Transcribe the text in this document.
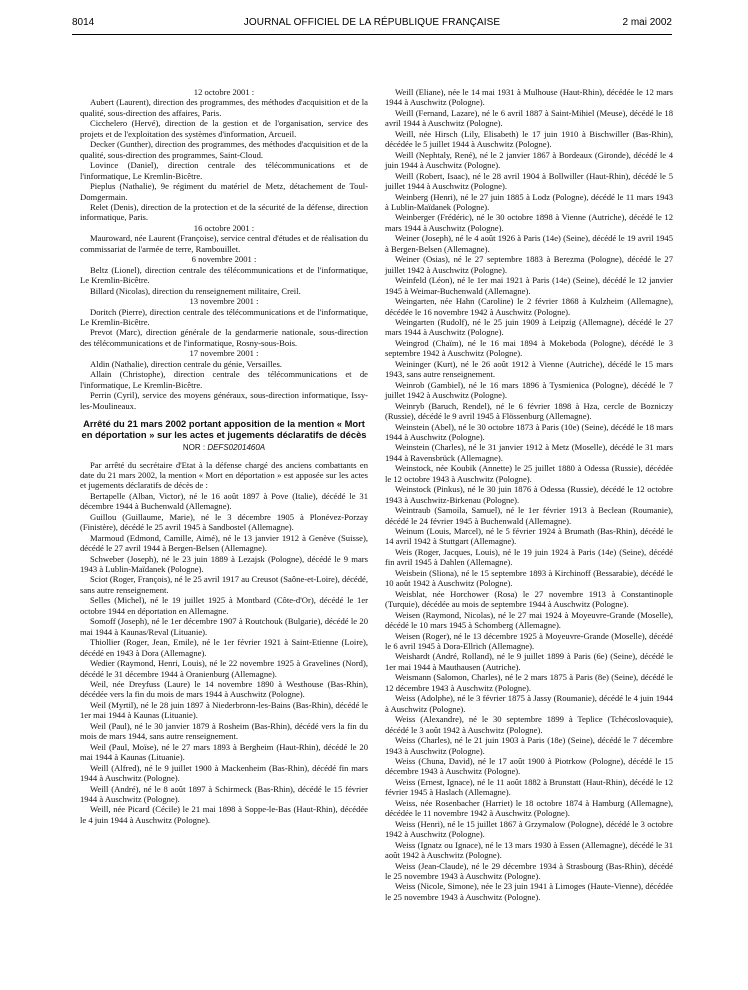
8014	JOURNAL OFFICIEL DE LA RÉPUBLIQUE FRANÇAISE	2 mai 2002

12 octobre 2001 :

Aubert (Laurent), direction des programmes, des méthodes d'acquisition et de la qualité, sous-direction des affaires, Paris.

Cicchelero (Hervé), direction de la gestion et de l'organisation, service des projets et de l'exploitation des systèmes d'information, Arcueil.

Decker (Gunther), direction des programmes, des méthodes d'acquisition et de la qualité, sous-direction des programmes, Saint-Cloud.

Lovince (Daniel), direction centrale des télécommunications et de l'informatique, Le Kremlin-Bicêtre.

Pieplus (Nathalie), 9e régiment du matériel de Metz, détachement de Toul-Domgermain.

Relet (Denis), direction de la protection et de la sécurité de la défense, direction informatique, Paris.

16 octobre 2001 :

Mauroward, née Laurent (Françoise), service central d'études et de réalisation du commissariat de l'armée de terre, Rambouillet.

6 novembre 2001 :

Beltz (Lionel), direction centrale des télécommunications et de l'informatique, Le Kremlin-Bicêtre.

Billard (Nicolas), direction du renseignement militaire, Creil.

13 novembre 2001 :

Doritch (Pierre), direction centrale des télécommunications et de l'informatique, Le Kremlin-Bicêtre.

Prevot (Marc), direction générale de la gendarmerie nationale, sous-direction des télécommunications et de l'informatique, Rosny-sous-Bois.

17 novembre 2001 :

Aldin (Nathalie), direction centrale du génie, Versailles.

Allain (Christophe), direction centrale des télécommunications et de l'informatique, Le Kremlin-Bicêtre.

Perrin (Cyril), service des moyens généraux, sous-direction informatique, Issy-les-Moulineaux.

Arrêté du 21 mars 2002 portant apposition de la mention « Mort en déportation » sur les actes et jugements déclaratifs de décès

NOR : DEFS0201460A

Par arrêté du secrétaire d'Etat à la défense chargé des anciens combattants en date du 21 mars 2002, la mention « Mort en déportation » est apposée sur les actes et jugements déclaratifs de décès de :

Bertapelle (Alban, Victor), né le 16 août 1897 à Pove (Italie), décédé le 31 décembre 1944 à Buchenwald (Allemagne).

Guillou (Guillaume, Marie), né le 3 décembre 1905 à Plonévez-Porzay (Finistère), décédé le 25 avril 1945 à Sandbostel (Allemagne).

Marmoud (Edmond, Camille, Aimé), né le 13 janvier 1912 à Genève (Suisse), décédé le 27 avril 1944 à Bergen-Belsen (Allemagne).

Schweber (Joseph), né le 23 juin 1889 à Lezajsk (Pologne), décédé le 9 mars 1943 à Lublin-Maïdanek (Pologne).

Sciot (Roger, François), né le 25 avril 1917 au Creusot (Saône-et-Loire), décédé, sans autre renseignement.

Selles (Michel), né le 19 juillet 1925 à Montbard (Côte-d'Or), décédé le 1er octobre 1944 en déportation en Allemagne.

Somoff (Joseph), né le 1er décembre 1907 à Routchouk (Bulgarie), décédé le 20 mai 1944 à Kaunas/Reval (Lituanie).

Thiollier (Roger, Jean, Emile), né le 1er février 1921 à Saint-Etienne (Loire), décédé en 1943 à Dora (Allemagne).

Wedier (Raymond, Henri, Louis), né le 22 novembre 1925 à Gravelines (Nord), décédé le 31 décembre 1944 à Oranienburg (Allemagne).

Weil, née Dreyfuss (Laure) le 14 novembre 1890 à Westhouse (Bas-Rhin), décédée vers la fin du mois de mars 1944 à Auschwitz (Pologne).

Weil (Myrtil), né le 28 juin 1897 à Niederbronn-les-Bains (Bas-Rhin), décédé le 1er mai 1944 à Kaunas (Lituanie).

Weil (Paul), né le 30 janvier 1879 à Rosheim (Bas-Rhin), décédé vers la fin du mois de mars 1944, sans autre renseignement.

Weil (Paul, Moïse), né le 27 mars 1893 à Bergheim (Haut-Rhin), décédé le 20 mai 1944 à Kaunas (Lituanie).

Weill (Alfred), né le 9 juillet 1900 à Mackenheim (Bas-Rhin), décédé fin mars 1944 à Auschwitz (Pologne).

Weill (André), né le 8 août 1897 à Schirmeck (Bas-Rhin), décédé le 15 février 1944 à Auschwitz (Pologne).

Weill, née Picard (Cécile) le 21 mai 1898 à Soppe-le-Bas (Haut-Rhin), décédée le 4 juin 1944 à Auschwitz (Pologne).

Weill (Eliane), née le 14 mai 1931 à Mulhouse (Haut-Rhin), décédée le 12 mars 1944 à Auschwitz (Pologne).

Weill (Fernand, Lazare), né le 6 avril 1887 à Saint-Mihiel (Meuse), décédé le 18 avril 1944 à Auschwitz (Pologne).

Weill, née Hirsch (Lily, Elisabeth) le 17 juin 1910 à Bischwiller (Bas-Rhin), décédée le 5 juillet 1944 à Auschwitz (Pologne).

Weill (Nephtaly, René), né le 2 janvier 1867 à Bordeaux (Gironde), décédé le 4 juin 1944 à Auschwitz (Pologne).

Weill (Robert, Isaac), né le 28 avril 1904 à Bollwiller (Haut-Rhin), décédé le 5 juillet 1944 à Auschwitz (Pologne).

Weinberg (Henri), né le 27 juin 1885 à Lodz (Pologne), décédé le 11 mars 1943 à Lublin-Maïdanek (Pologne).

Weinberger (Frédéric), né le 30 octobre 1898 à Vienne (Autriche), décédé le 12 mars 1944 à Auschwitz (Pologne).

Weiner (Joseph), né le 4 août 1926 à Paris (14e) (Seine), décédé le 19 avril 1945 à Bergen-Belsen (Allemagne).

Weiner (Osias), né le 27 septembre 1883 à Berezma (Pologne), décédé le 27 juillet 1942 à Auschwitz (Pologne).

Weinfeld (Léon), né le 1er mai 1921 à Paris (14e) (Seine), décédé le 12 janvier 1945 à Weimar-Buchenwald (Allemagne).

Weingarten, née Hahn (Caroline) le 2 février 1868 à Kulzheim (Allemagne), décédée le 16 novembre 1942 à Auschwitz (Pologne).

Weingarten (Rudolf), né le 25 juin 1909 à Leipzig (Allemagne), décédé le 27 mars 1944 à Auschwitz (Pologne).

Weingrod (Chaïm), né le 16 mai 1894 à Mokeboda (Pologne), décédé le 3 septembre 1942 à Auschwitz (Pologne).

Weininger (Kurt), né le 26 août 1912 à Vienne (Autriche), décédé le 15 mars 1943, sans autre renseignement.

Weinrob (Gambiel), né le 16 mars 1896 à Tysmienica (Pologne), décédé le 7 juillet 1942 à Auschwitz (Pologne).

Weinryb (Baruch, Rendel), né le 6 février 1898 à Hza, cercle de Bozniczy (Russie), décédé le 9 avril 1945 à Flössenburg (Allemagne).

Weinstein (Abel), né le 30 octobre 1873 à Paris (10e) (Seine), décédé le 18 mars 1944 à Auschwitz (Pologne).

Weinstein (Charles), né le 31 janvier 1912 à Metz (Moselle), décédé le 31 mars 1944 à Ravensbrück (Allemagne).

Weinstock, née Koubik (Annette) le 25 juillet 1880 à Odessa (Russie), décédée le 12 octobre 1943 à Auschwitz (Pologne).

Weinstock (Pinkus), né le 30 juin 1876 à Odessa (Russie), décédé le 12 octobre 1943 à Auschwitz-Birkenau (Pologne).

Weintraub (Samoila, Samuel), né le 1er février 1913 à Beclean (Roumanie), décédé le 24 février 1945 à Buchenwald (Allemagne).

Weinum (Louis, Marcel), né le 5 février 1924 à Brumath (Bas-Rhin), décédé le 14 avril 1942 à Stuttgart (Allemagne).

Weis (Roger, Jacques, Louis), né le 19 juin 1924 à Paris (14e) (Seine), décédé fin avril 1945 à Dahlen (Allemagne).

Weisbein (Sliona), né le 15 septembre 1893 à Kirchinoff (Bessarabie), décédé le 10 août 1942 à Auschwitz (Pologne).

Weisblat, née Horchower (Rosa) le 27 novembre 1913 à Constantinople (Turquie), décédée au mois de septembre 1944 à Auschwitz (Pologne).

Weisen (Raymond, Nicolas), né le 27 mai 1924 à Moyeuvre-Grande (Moselle), décédé le 10 mars 1945 à Schomberg (Allemagne).

Weisen (Roger), né le 13 décembre 1925 à Moyeuvre-Grande (Moselle), décédé le 6 avril 1945 à Dora-Ellrich (Allemagne).

Weishardt (André, Rolland), né le 9 juillet 1899 à Paris (6e) (Seine), décédé le 1er mai 1944 à Mauthausen (Autriche).

Weismann (Salomon, Charles), né le 2 mars 1875 à Paris (8e) (Seine), décédé le 12 décembre 1943 à Auschwitz (Pologne).

Weiss (Adolphe), né le 3 février 1875 à Jassy (Roumanie), décédé le 4 juin 1944 à Auschwitz (Pologne).

Weiss (Alexandre), né le 30 septembre 1899 à Teplice (Tchécoslovaquie), décédé le 3 août 1942 à Auschwitz (Pologne).

Weiss (Charles), né le 21 juin 1903 à Paris (18e) (Seine), décédé le 7 décembre 1943 à Auschwitz (Pologne).

Weiss (Chuna, David), né le 17 août 1900 à Piotrkow (Pologne), décédé le 15 décembre 1943 à Auschwitz (Pologne).

Weiss (Ernest, Ignace), né le 11 août 1882 à Brunstatt (Haut-Rhin), décédé le 12 février 1945 à Haslach (Allemagne).

Weiss, née Rosenbacher (Harriet) le 18 octobre 1874 à Hamburg (Allemagne), décédée le 11 novembre 1942 à Auschwitz (Pologne).

Weiss (Henri), né le 15 juillet 1867 à Grzymalow (Pologne), décédé le 3 octobre 1942 à Auschwitz (Pologne).

Weiss (Ignatz ou Ignace), né le 13 mars 1930 à Essen (Allemagne), décédé le 31 août 1942 à Auschwitz (Pologne).

Weiss (Jean-Claude), né le 29 décembre 1934 à Strasbourg (Bas-Rhin), décédé le 25 novembre 1943 à Auschwitz (Pologne).

Weiss (Nicole, Simone), née le 23 juin 1941 à Limoges (Haute-Vienne), décédée le 25 novembre 1943 à Auschwitz (Pologne).
